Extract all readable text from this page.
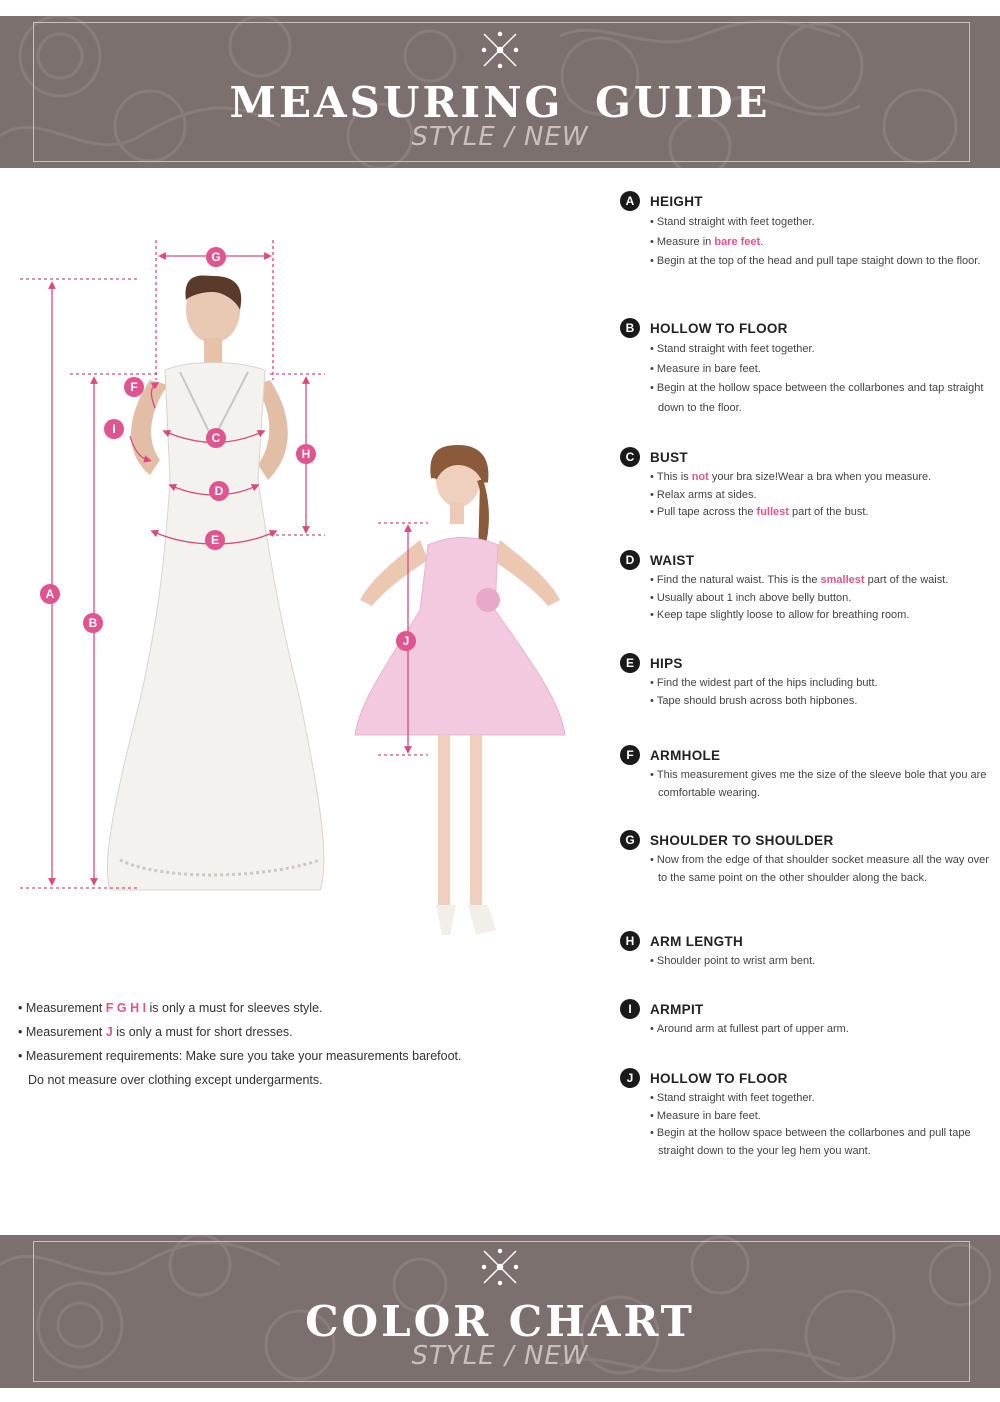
MEASURING GUIDE
STYLE / NEW
A
B
C
D
E
F
G
H
I
J
• Measurement F G H I is only a must for sleeves style.
• Measurement J is only a must for short dresses.
• Measurement requirements: Make sure you take your measurements barefoot.
Do not measure over clothing except undergarments.
A	HEIGHT
• Stand straight with feet together.
• Measure in bare feet.
• Begin at the top of the head and pull tape staight down to the floor.
B	HOLLOW TO FLOOR
• Stand straight with feet together.
• Measure in bare feet.
• Begin at the hollow space between the collarbones and tap straight down to the floor.
C	BUST
• This is not your bra size!Wear a bra when you measure.
• Relax arms at sides.
• Pull tape across the fullest part of the bust.
D	WAIST
• Find the natural waist. This is the smallest part of the waist.
• Usually about 1 inch above belly button.
• Keep tape slightly loose to allow for breathing room.
E	HIPS
• Find the widest part of the hips including butt.
• Tape should brush across both hipbones.
F	ARMHOLE
• This measurement gives me the size of the sleeve bole that you are comfortable wearing.
G	SHOULDER TO SHOULDER
• Now from the edge of that shoulder socket measure all the way over to the same point on the other shoulder along the back.
H	ARM LENGTH
• Shoulder point to wrist arm bent.
I	ARMPIT
• Around arm at fullest part of upper arm.
J	HOLLOW TO FLOOR
• Stand straight with feet together.
• Measure in bare feet.
• Begin at the hollow space between the collarbones and pull tape straight down to the your leg hem you want.
COLOR CHART
STYLE / NEW
